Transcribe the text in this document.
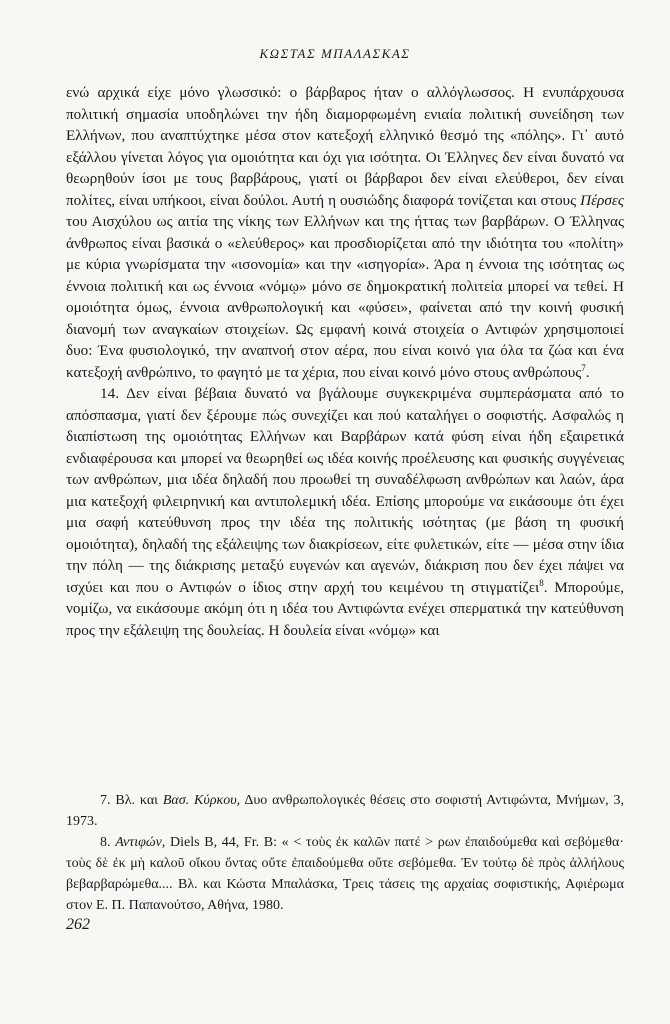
ΚΩΣΤΑΣ ΜΠΑΛΑΣΚΑΣ

ενώ αρχικά είχε μόνο γλωσσικό: ο βάρβαρος ήταν ο αλλόγλωσσος. Η ενυπάρχουσα πολιτική σημασία υποδηλώνει την ήδη διαμορφωμένη ενιαία πολιτική συνείδηση των Ελλήνων, που αναπτύχτηκε μέσα στον κατεξοχή ελληνικό θεσμό της «πόλης». Γι᾽ αυτό εξάλλου γίνεται λόγος για ομοιότητα και όχι για ισότητα. Οι Έλληνες δεν είναι δυνατό να θεωρηθούν ίσοι με τους βαρβάρους, γιατί οι βάρβαροι δεν είναι ελεύθεροι, δεν είναι πολίτες, είναι υπήκοοι, είναι δούλοι. Αυτή η ουσιώδης διαφορά τονίζεται και στους Πέρσες του Αισχύλου ως αιτία της νίκης των Ελλήνων και της ήττας των βαρβάρων. Ο Έλληνας άνθρωπος είναι βασικά ο «ελεύθερος» και προσδιορίζεται από την ιδιότητα του «πολίτη» με κύρια γνωρίσματα την «ισονομία» και την «ισηγορία». Άρα η έννοια της ισότητας ως έννοια πολιτική και ως έννοια «νόμῳ» μόνο σε δημοκρατική πολιτεία μπορεί να τεθεί. Η ομοιότητα όμως, έννοια ανθρωπολογική και «φύσει», φαίνεται από την κοινή φυσική διανομή των αναγκαίων στοιχείων. Ως εμφανή κοινά στοιχεία ο Αντιφών χρησιμοποιεί δυο: Ένα φυσιολογικό, την αναπνοή στον αέρα, που είναι κοινό για όλα τα ζώα και ένα κατεξοχή ανθρώπινο, το φαγητό με τα χέρια, που είναι κοινό μόνο στους ανθρώπους$^7$.

14. Δεν είναι βέβαια δυνατό να βγάλουμε συγκεκριμένα συμπεράσματα από το απόσπασμα, γιατί δεν ξέρουμε πώς συνεχίζει και πού καταλήγει ο σοφιστής. Ασφαλώς η διαπίστωση της ομοιότητας Ελλήνων και Βαρβάρων κατά φύση είναι ήδη εξαιρετικά ενδιαφέρουσα και μπορεί να θεωρηθεί ως ιδέα κοινής προέλευσης και φυσικής συγγένειας των ανθρώπων, μια ιδέα δηλαδή που προωθεί τη συναδέλφωση ανθρώπων και λαών, άρα μια κατεξοχή φιλειρηνική και αντιπολεμική ιδέα. Επίσης μπορούμε να εικάσουμε ότι έχει μια σαφή κατεύθυνση προς την ιδέα της πολιτικής ισότητας (με βάση τη φυσική ομοιότητα), δηλαδή της εξάλειψης των διακρίσεων, είτε φυλετικών, είτε — μέσα στην ίδια την πόλη — της διάκρισης μεταξύ ευγενών και αγενών, διάκριση που δεν έχει πάψει να ισχύει και που ο Αντιφών ο ίδιος στην αρχή του κειμένου τη στιγματίζει$^8$. Μπορούμε, νομίζω, να εικάσουμε ακόμη ότι η ιδέα του Αντιφώντα ενέχει σπερματικά την κατεύθυνση προς την εξάλειψη της δουλείας. Η δουλεία είναι «νόμῳ» και

7. Βλ. και Βασ. Κύρκου, Δυο ανθρωπολογικές θέσεις στο σοφιστή Αντιφώντα, Μνήμων, 3, 1973.

8. Αντιφών, Diels B, 44, Fr. B: « < τοὺς ἐκ καλῶν πατέ > ρων ἐπαιδούμεθα καὶ σεβόμεθα· τοὺς δὲ ἐκ μὴ καλοῦ οἴκου ὄντας οὔτε ἐπαιδούμεθα οὔτε σεβόμεθα. Ἐν τούτῳ δὲ πρὸς ἀλλήλους βεβαρβαρώμεθα.... Βλ. και Κώστα Μπαλάσκα, Τρεις τάσεις της αρχαίας σοφιστικής, Αφιέρωμα στον Ε. Π. Παπανούτσο, Αθήνα, 1980.

262
